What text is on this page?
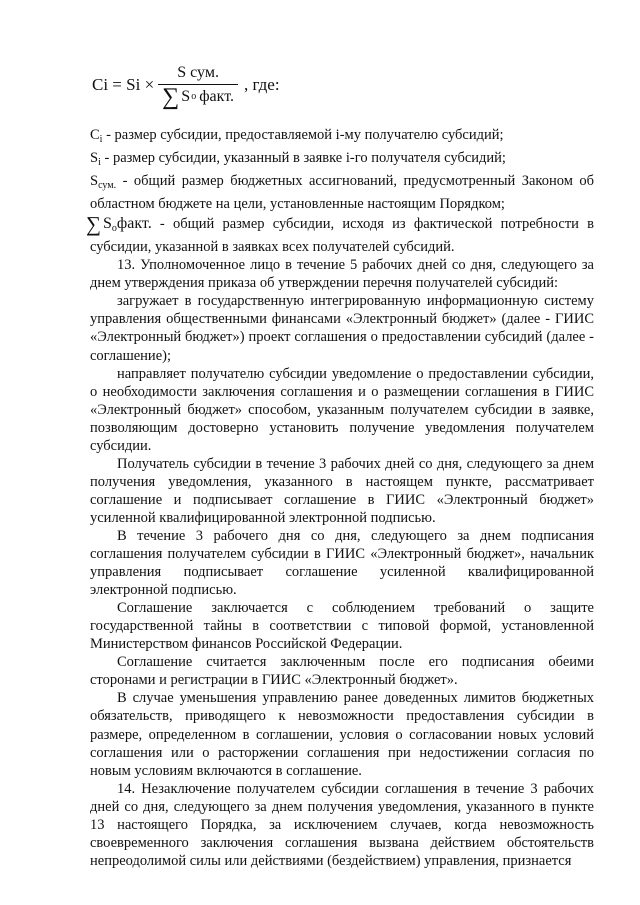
$Ci = Si \times \frac{\text{S сум.}}{\text{∑ S о факт.}}$ , где:

$C_i$ - размер субсидии, предоставляемой i-му получателю субсидий;

$S_i$ - размер субсидии, указанный в заявке i-го получателя субсидий;

$S_{сум.}$ - общий размер бюджетных ассигнований, предусмотренный Законом об областном бюджете на цели, установленные настоящим Порядком;

∑ $S_офакт$. - общий размер субсидии, исходя из фактической потребности в субсидии, указанной в заявках всех получателей субсидий.

13. Уполномоченное лицо в течение 5 рабочих дней со дня, следующего за днем утверждения приказа об утверждении перечня получателей субсидий:

загружает в государственную интегрированную информационную систему управления общественными финансами «Электронный бюджет» (далее - ГИИС «Электронный бюджет») проект соглашения о предоставлении субсидий (далее - соглашение);

направляет получателю субсидии уведомление о предоставлении субсидии, о необходимости заключения соглашения и о размещении соглашения в ГИИС «Электронный бюджет» способом, указанным получателем субсидии в заявке, позволяющим достоверно установить получение уведомления получателем субсидии.

Получатель субсидии в течение 3 рабочих дней со дня, следующего за днем получения уведомления, указанного в настоящем пункте, рассматривает соглашение и подписывает соглашение в ГИИС «Электронный бюджет» усиленной квалифицированной электронной подписью.

В течение 3 рабочего дня со дня, следующего за днем подписания соглашения получателем субсидии в ГИИС «Электронный бюджет», начальник управления подписывает соглашение усиленной квалифицированной электронной подписью.

Соглашение заключается с соблюдением требований о защите государственной тайны в соответствии с типовой формой, установленной Министерством финансов Российской Федерации.

Соглашение считается заключенным после его подписания обеими сторонами и регистрации в ГИИС «Электронный бюджет».

В случае уменьшения управлению ранее доведенных лимитов бюджетных обязательств, приводящего к невозможности предоставления субсидии в размере, определенном в соглашении, условия о согласовании новых условий соглашения или о расторжении соглашения при недостижении согласия по новым условиям включаются в соглашение.

14. Незаключение получателем субсидии соглашения в течение 3 рабочих дней со дня, следующего за днем получения уведомления, указанного в пункте 13 настоящего Порядка, за исключением случаев, когда невозможность своевременного заключения соглашения вызвана действием обстоятельств непреодолимой силы или действиями (бездействием) управления, признается
